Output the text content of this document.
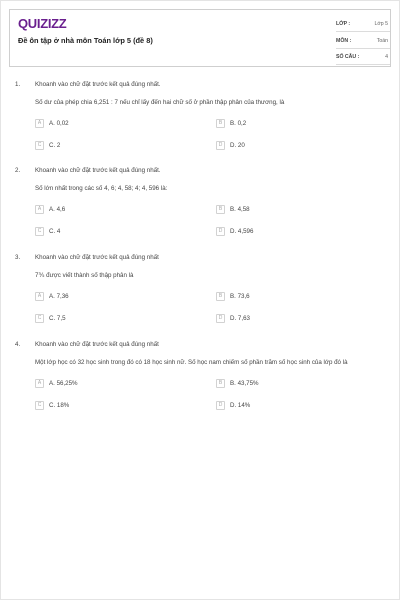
QUIZIZZ
Đề ôn tập ở nhà môn Toán lớp 5 (đề 8)
LỚP :	Lớp 5
MÔN :	Toán
SỐ CÂU :	4
1. Khoanh vào chữ đặt trước kết quả đúng nhất.
Số dư của phép chia 6,251 : 7 nếu chỉ lấy đến hai chữ số ở phần thập phân của thương, là
A	A. 0,02	B	B. 0,2
C	C. 2	D	D. 20
2. Khoanh vào chữ đặt trước kết quả đúng nhất.
Số lớn nhất trong các số 4, 6; 4, 58; 4; 4, 596 là:
A	A. 4,6	B	B. 4,58
C	C. 4	D	D. 4,596
3. Khoanh vào chữ đặt trước kết quả đúng nhất
7⅗ được viết thành số thập phân là
A	A. 7,36	B	B. 73,6
C	C. 7,5	D	D. 7,63
4. Khoanh vào chữ đặt trước kết quả đúng nhất
Một lớp học có 32 học sinh trong đó có 18 học sinh nữ. Số học nam chiếm số phần trăm số học sinh của lớp đó là
A	A. 56,25%	B	B. 43,75%
C	C. 18%	D	D. 14%
